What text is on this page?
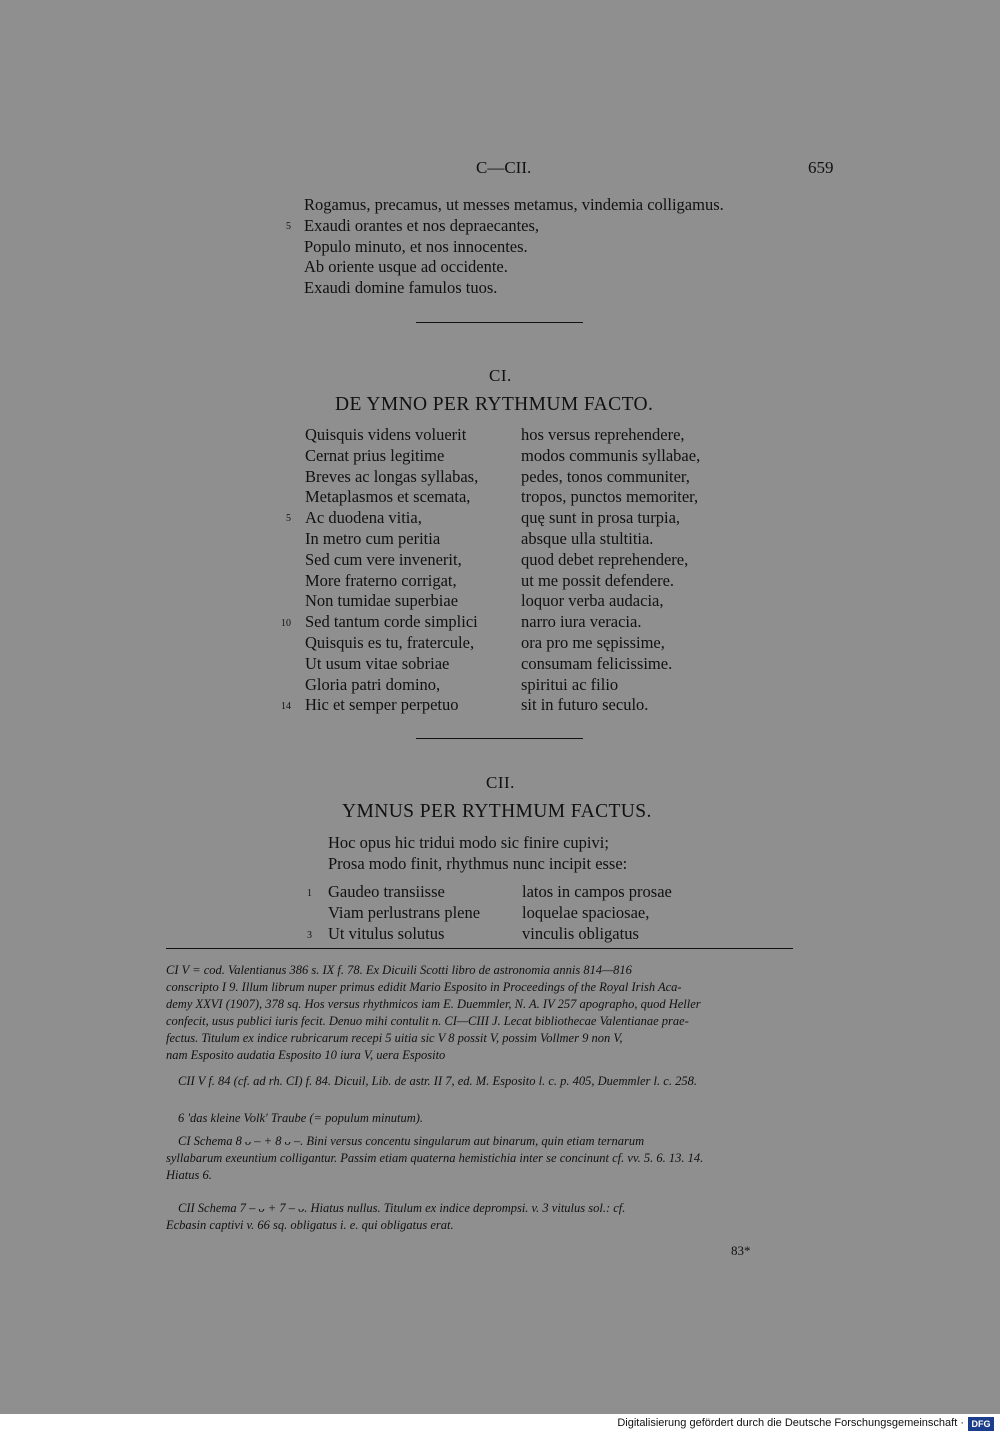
C—CII.	659
Rogamus, precamus, ut messes metamus, vindemia colligamus.
Exaudi orantes et nos depraecantes,
Populo minuto, et nos innocentes.
Ab oriente usque ad occidente.
Exaudi domine famulos tuos.
5
CI.
DE YMNO PER RYTHMUM FACTO.
Quisquis videns voluerit
Cernat prius legitime
Breves ac longas syllabas,
Metaplasmos et scemata,
Ac duodena vitia,
In metro cum peritia
Sed cum vere invenerit,
More fraterno corrigat,
Non tumidae superbiae
Sed tantum corde simplici
Quisquis es tu, fratercule,
Ut usum vitae sobriae
Gloria patri domino,
Hic et semper perpetuo
hos versus reprehendere,
modos communis syllabae,
pedes, tonos communiter,
tropos, punctos memoriter,
quę sunt in prosa turpia,
absque ulla stultitia.
quod debet reprehendere,
ut me possit defendere.
loquor verba audacia,
narro iura veracia.
ora pro me sępissime,
consumam felicissime.
spiritui ac filio
sit in futuro seculo.
5
10
14
CII.
YMNUS PER RYTHMUM FACTUS.
Hoc opus hic tridui modo sic finire cupivi;
Prosa modo finit, rhythmus nunc incipit esse:
Gaudeo transiisse
Viam perlustrans plene
Ut vitulus solutus
latos in campos prosae
loquelae spaciosae,
vinculis obligatus
1
3
CI V = cod. Valentianus 386 s. IX f. 78. Ex Dicuili Scotti libro de astronomia annis 814—816
conscripto I 9. Illum librum nuper primus edidit Mario Esposito in Proceedings of the Royal Irish Aca-
demy XXVI (1907), 378 sq. Hos versus rhythmicos iam E. Duemmler, N. A. IV 257 apographo, quod Heller
confecit, usus publici iuris fecit. Denuo mihi contulit n. CI—CIII J. Lecat bibliothecae Valentianae prae-
fectus. Titulum ex indice rubricarum recepi 5 uitia sic V 8 possit V, possim Vollmer 9 non V,
nam Esposito audatia Esposito 10 iura V, uera Esposito
CII V f. 84 (cf. ad rh. CI) f. 84. Dicuil, Lib. de astr. II 7, ed. M. Esposito l. c. p. 405, Duemmler l. c. 258.
6 'das kleine Volk' Traube (= populum minutum).
CI Schema 8 ᴗ – + 8 ᴗ –. Bini versus concentu singularum aut binarum, quin etiam ternarum
syllabarum exeuntium colligantur. Passim etiam quaterna hemistichia inter se concinunt cf. vv. 5. 6. 13. 14.
Hiatus 6.
CII Schema 7 – ᴗ + 7 – ᴗ. Hiatus nullus. Titulum ex indice deprompsi. v. 3 vitulus sol.: cf.
Ecbasin captivi v. 66 sq. obligatus i. e. qui obligatus erat.
83*
Digitalisierung gefördert durch die Deutsche Forschungsgemeinschaft · DFG
